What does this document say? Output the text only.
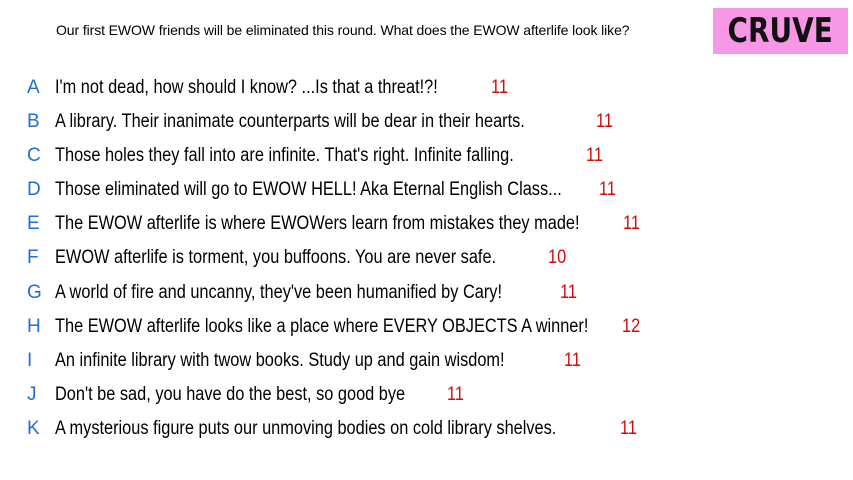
Our first EWOW friends will be eliminated this round. What does the EWOW afterlife look like?	CRUVE
A I'm not dead, how should I know? ...Is that a threat!?!	11
B A library. Their inanimate counterparts will be dear in their hearts.	11
C Those holes they fall into are infinite. That's right. Infinite falling.	11
D Those eliminated will go to EWOW HELL! Aka Eternal English Class... 11
E The EWOW afterlife is where EWOWers learn from mistakes they made! 11
F EWOW afterlife is torment, you buffoons. You are never safe.	10
G A world of fire and uncanny, they've been humanified by Cary!	11
H The EWOW afterlife looks like a place where EVERY OBJECTS A winner! 12
I An infinite library with twow books. Study up and gain wisdom!	11
J Don't be sad, you have do the best, so good bye 11
K A mysterious figure puts our unmoving bodies on cold library shelves.	11
